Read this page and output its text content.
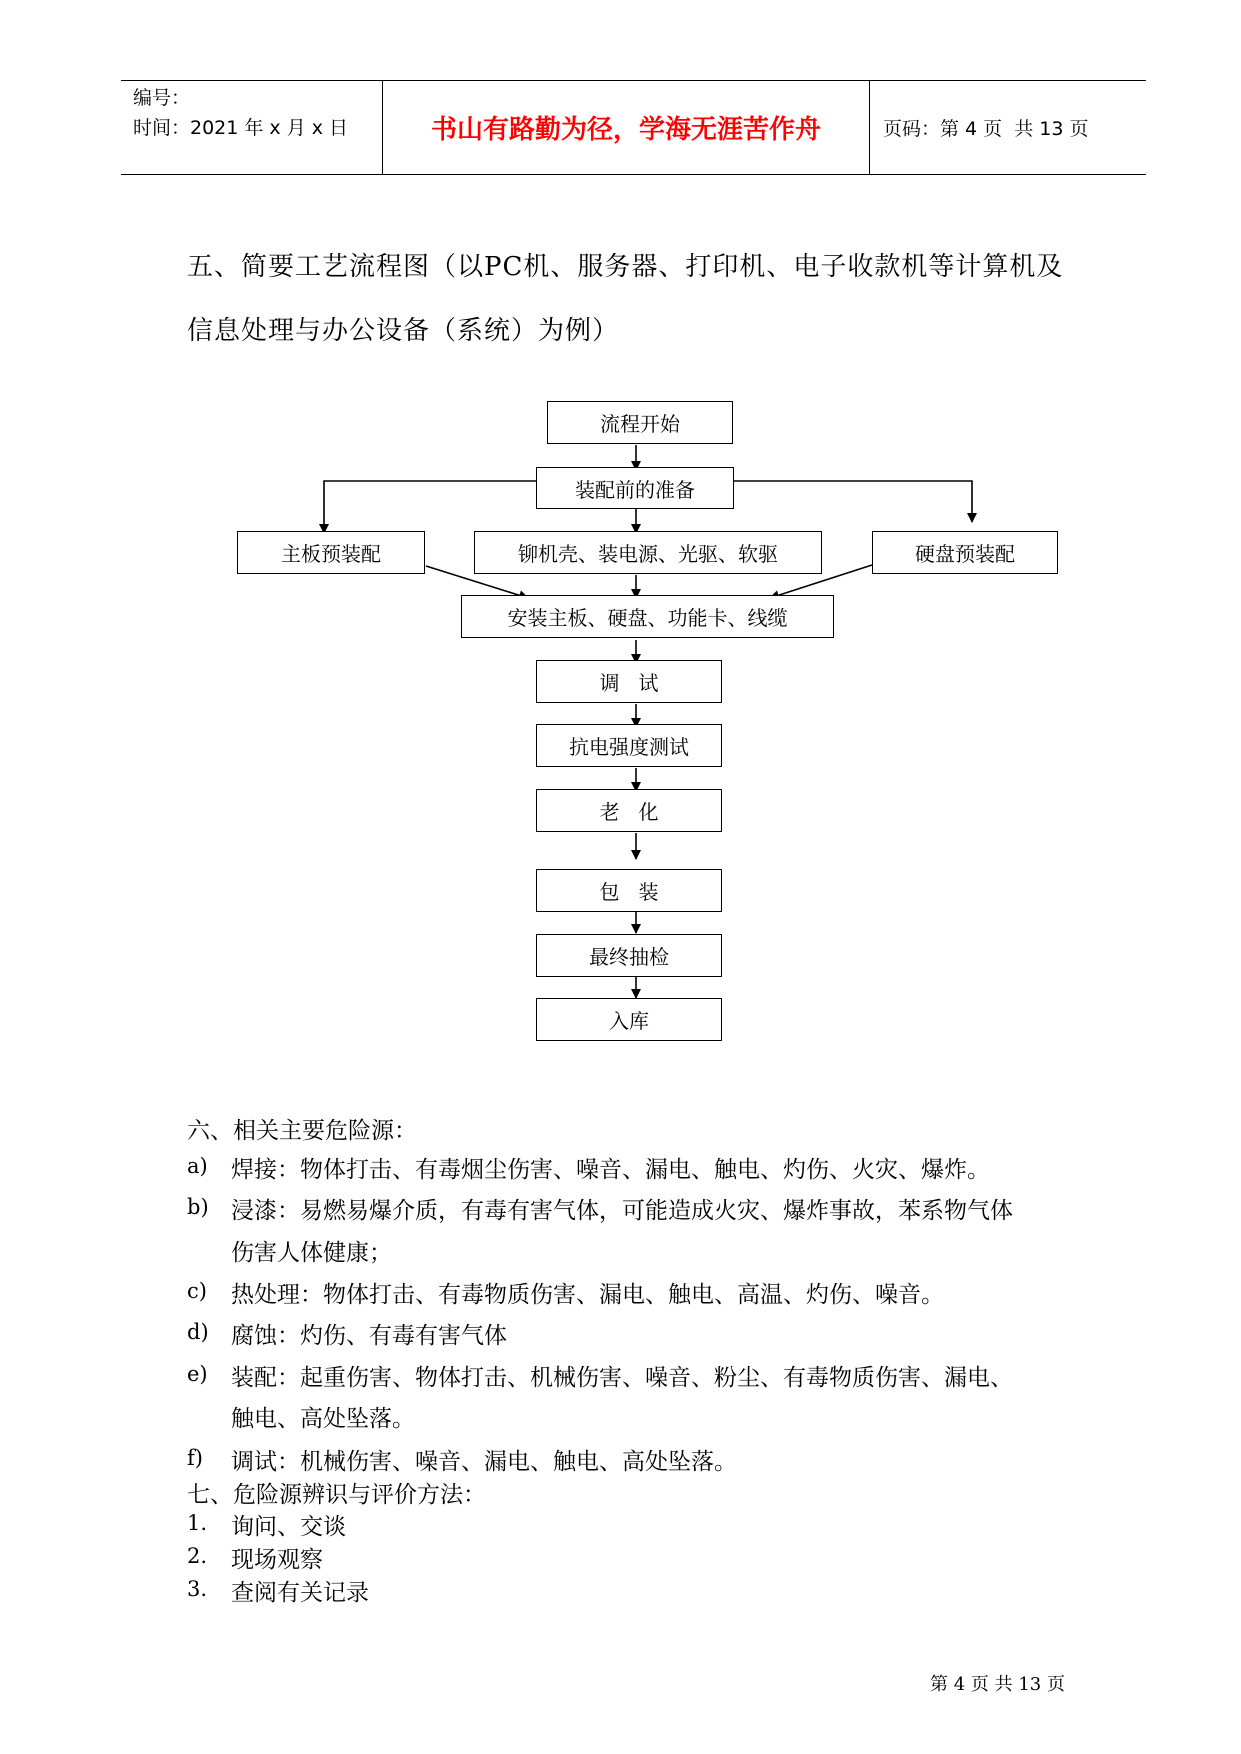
编号：
时间：2021 年 x 月 x 日	书山有路勤为径，学海无涯苦作舟	页码：第 4 页  共 13 页
五、简要工艺流程图（以PC机、服务器、打印机、电子收款机等计算机及
信息处理与办公设备（系统）为例）
流程开始
装配前的准备
主板预装配	铆机壳、装电源、光驱、软驱	硬盘预装配
安装主板、硬盘、功能卡、线缆
调   试
抗电强度测试
老   化
包   装
最终抽检
入库
六、相关主要危险源：
a) 焊接：物体打击、有毒烟尘伤害、噪音、漏电、触电、灼伤、火灾、爆炸。
b) 浸漆：易燃易爆介质，有毒有害气体，可能造成火灾、爆炸事故，苯系物气体
伤害人体健康；
c) 热处理：物体打击、有毒物质伤害、漏电、触电、高温、灼伤、噪音。
d) 腐蚀：灼伤、有毒有害气体
e) 装配：起重伤害、物体打击、机械伤害、噪音、粉尘、有毒物质伤害、漏电、
触电、高处坠落。
f) 调试：机械伤害、噪音、漏电、触电、高处坠落。
七、危险源辨识与评价方法：
1. 询问、交谈
2. 现场观察
3. 查阅有关记录
第 4 页 共 13 页
